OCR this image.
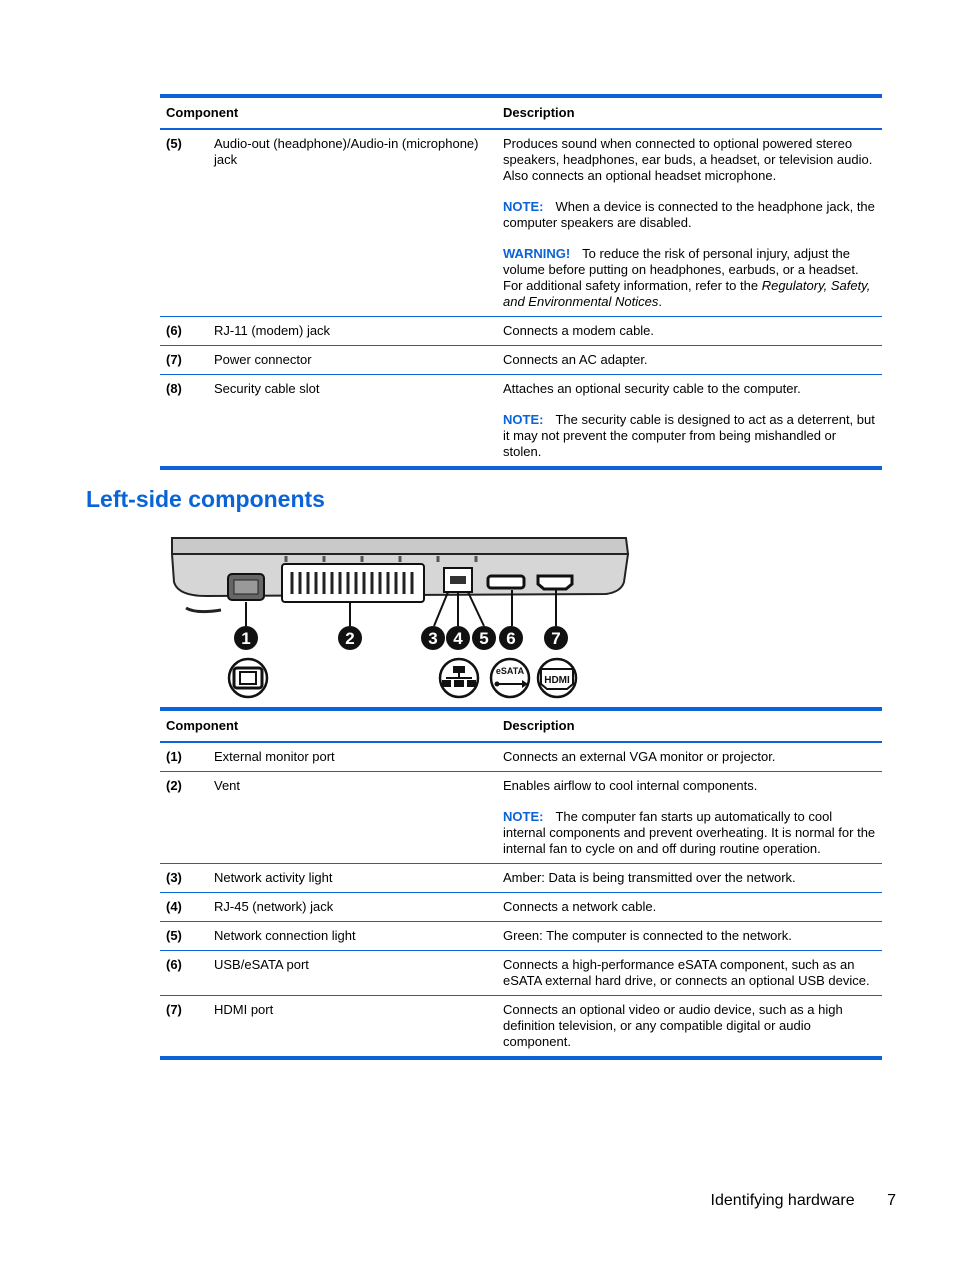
Component		Description
(5)	Audio-out (headphone)/Audio-in (microphone) jack	Produces sound when connected to optional powered stereo speakers, headphones, ear buds, a headset, or television audio. Also connects an optional headset microphone.

NOTE: When a device is connected to the headphone jack, the computer speakers are disabled.

WARNING! To reduce the risk of personal injury, adjust the volume before putting on headphones, earbuds, or a headset. For additional safety information, refer to the Regulatory, Safety, and Environmental Notices.

(6)	RJ-11 (modem) jack	Connects a modem cable.
(7)	Power connector	Connects an AC adapter.
(8)	Security cable slot	Attaches an optional security cable to the computer.

NOTE: The security cable is designed to act as a deterrent, but it may not prevent the computer from being mishandled or stolen.

Left-side components
1	2	3 4 5 6 7
eSATA
HDMI
Component		Description
(1)	External monitor port	Connects an external VGA monitor or projector.
(2)	Vent	Enables airflow to cool internal components.

NOTE: The computer fan starts up automatically to cool internal components and prevent overheating. It is normal for the internal fan to cycle on and off during routine operation.

(3)	Network activity light	Amber: Data is being transmitted over the network.
(4)	RJ-45 (network) jack	Connects a network cable.
(5)	Network connection light	Green: The computer is connected to the network.
(6)	USB/eSATA port	Connects a high-performance eSATA component, such as an eSATA external hard drive, or connects an optional USB device.
(7)	HDMI port	Connects an optional video or audio device, such as a high definition television, or any compatible digital or audio component.
Identifying hardware 7
